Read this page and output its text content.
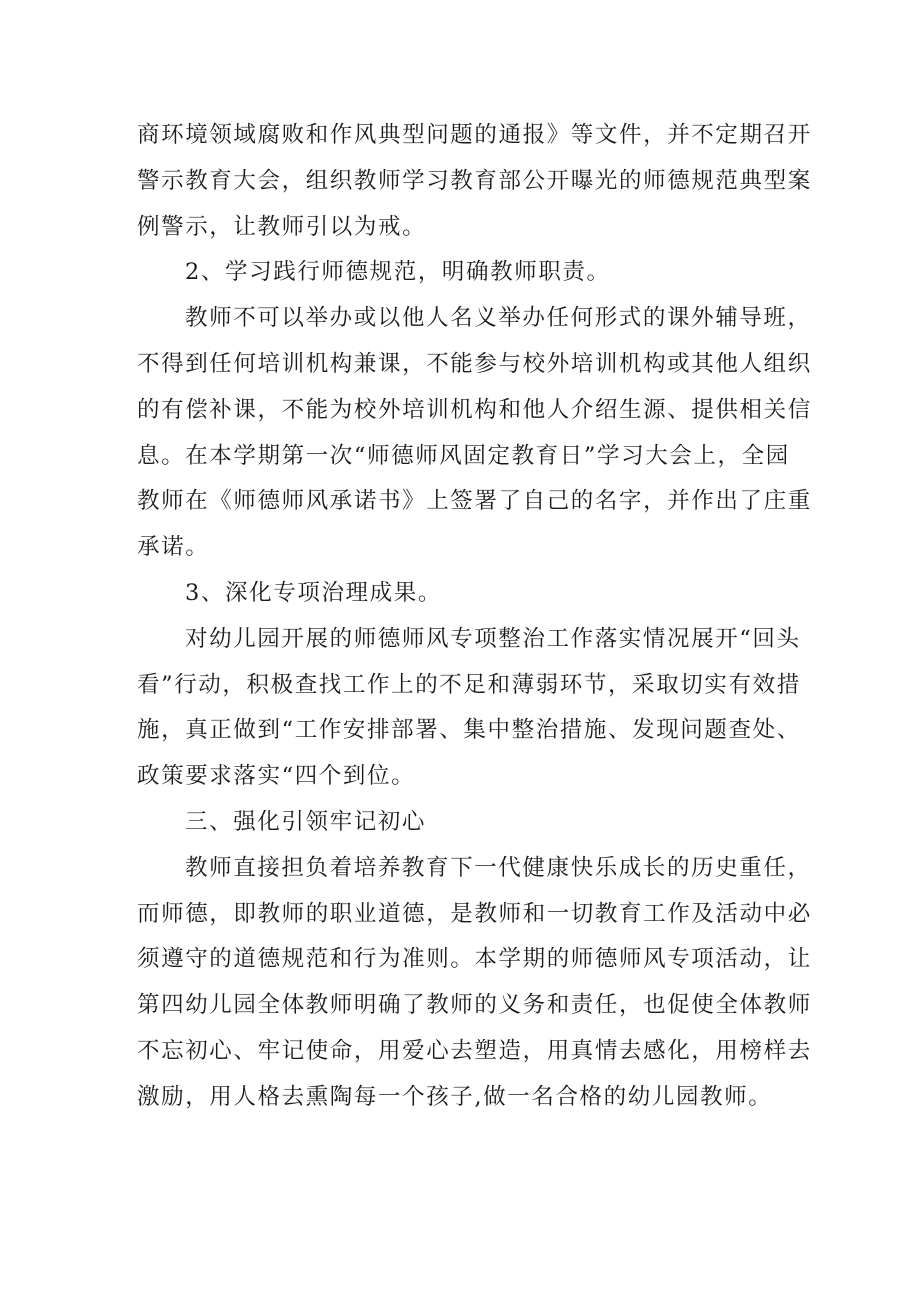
商环境领域腐败和作风典型问题的通报》等文件，并不定期召开
警示教育大会，组织教师学习教育部公开曝光的师德规范典型案
例警示，让教师引以为戒。

2、学习践行师德规范，明确教师职责。

教师不可以举办或以他人名义举办任何形式的课外辅导班，
不得到任何培训机构兼课，不能参与校外培训机构或其他人组织
的有偿补课，不能为校外培训机构和他人介绍生源、提供相关信
息。在本学期第一次“师德师风固定教育日”学习大会上，全园
教师在《师德师风承诺书》上签署了自己的名字，并作出了庄重
承诺。

3、深化专项治理成果。

对幼儿园开展的师德师风专项整治工作落实情况展开“回头
看”行动，积极查找工作上的不足和薄弱环节，采取切实有效措
施，真正做到“工作安排部署、集中整治措施、发现问题查处、
政策要求落实“四个到位。

三、强化引领牢记初心

教师直接担负着培养教育下一代健康快乐成长的历史重任，
而师德，即教师的职业道德，是教师和一切教育工作及活动中必
须遵守的道德规范和行为准则。本学期的师德师风专项活动，让
第四幼儿园全体教师明确了教师的义务和责任，也促使全体教师
不忘初心、牢记使命，用爱心去塑造，用真情去感化，用榜样去
激励，用人格去熏陶每一个孩子,做一名合格的幼儿园教师。
